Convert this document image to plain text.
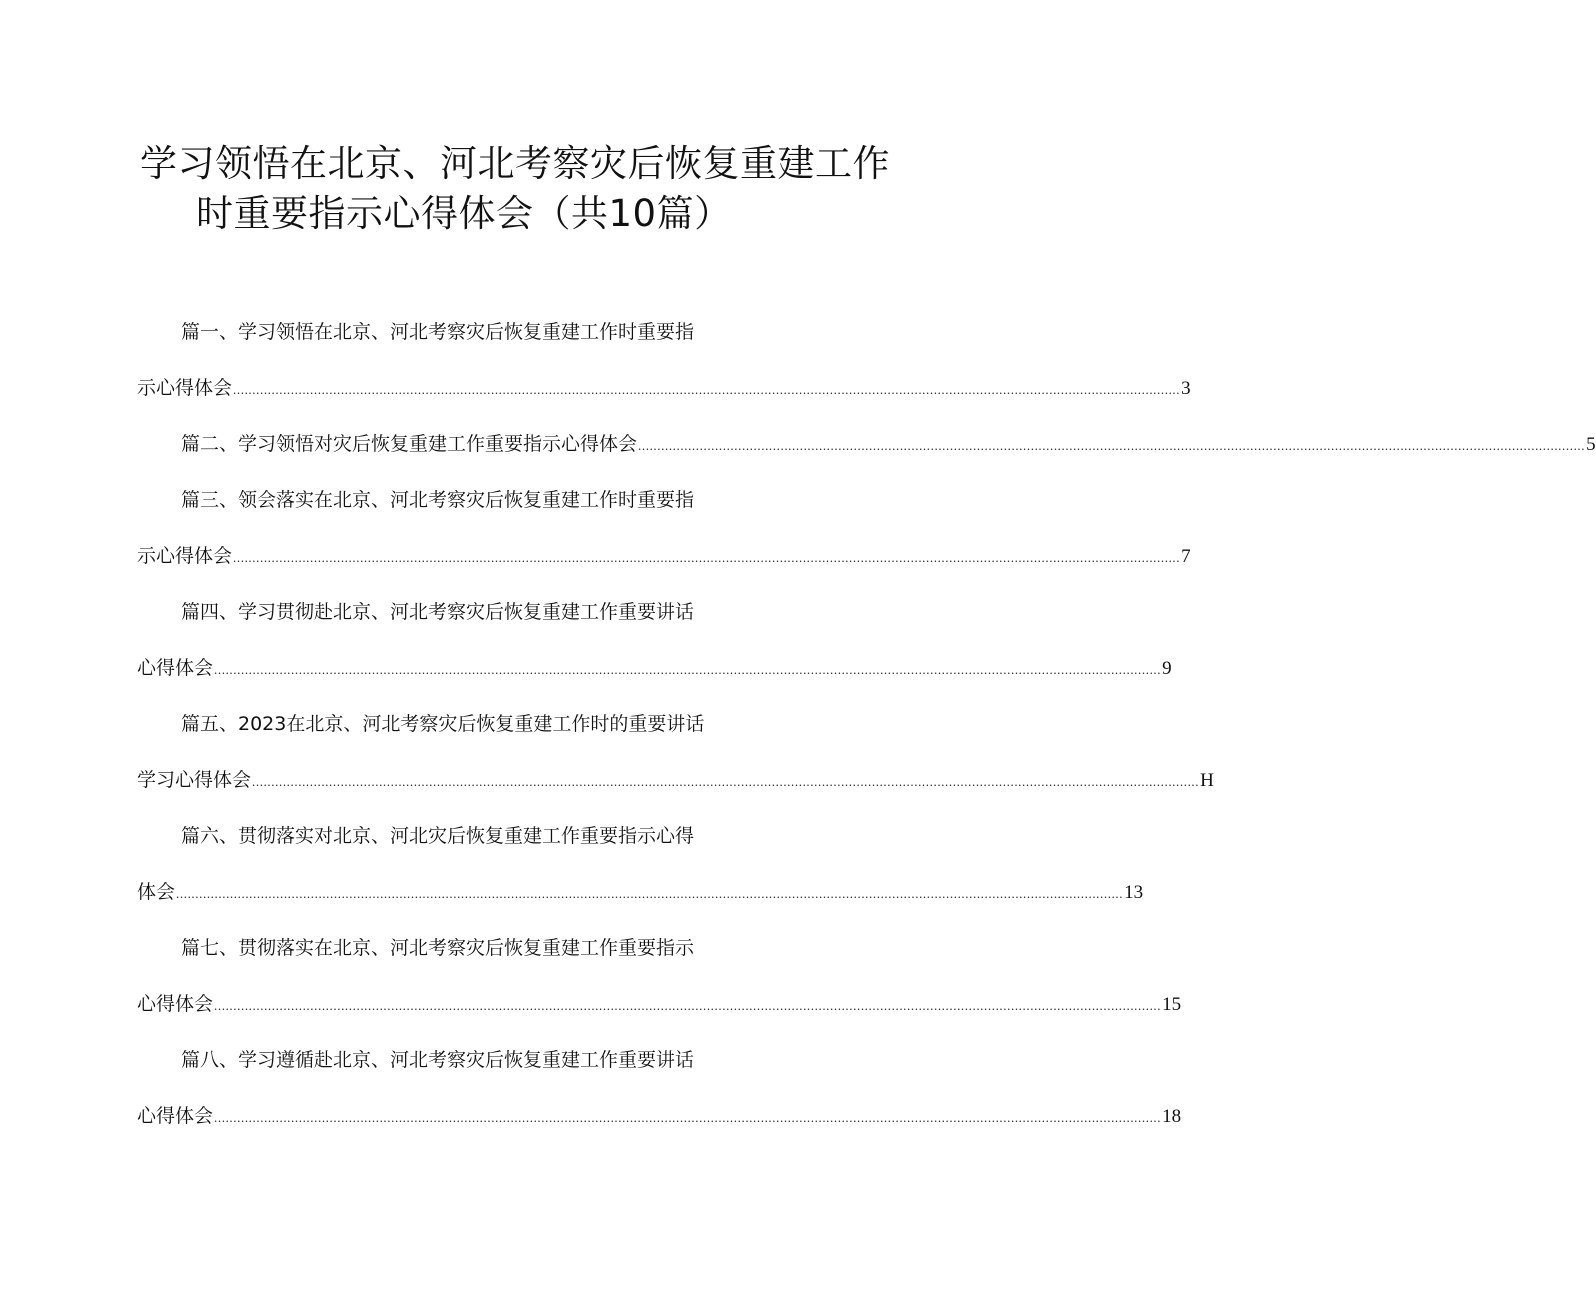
学习领悟在北京、河北考察灾后恢复重建工作
时重要指示心得体会（共10篇）
篇一、学习领悟在北京、河北考察灾后恢复重建工作时重要指
示心得体会 ...................................................................................................................................................................................................................................................... 3
篇二、学习领悟对灾后恢复重建工作重要指示心得体会 ...................................................................................................................................................................................................................................................... 5
篇三、领会落实在北京、河北考察灾后恢复重建工作时重要指
示心得体会 ...................................................................................................................................................................................................................................................... 7
篇四、学习贯彻赴北京、河北考察灾后恢复重建工作重要讲话
心得体会 ...................................................................................................................................................................................................................................................... 9
篇五、2023在北京、河北考察灾后恢复重建工作时的重要讲话
学习心得体会 ...................................................................................................................................................................................................................................................... H
篇六、贯彻落实对北京、河北灾后恢复重建工作重要指示心得
体会 ...................................................................................................................................................................................................................................................... 13
篇七、贯彻落实在北京、河北考察灾后恢复重建工作重要指示
心得体会 ...................................................................................................................................................................................................................................................... 15
篇八、学习遵循赴北京、河北考察灾后恢复重建工作重要讲话
心得体会 ...................................................................................................................................................................................................................................................... 18
